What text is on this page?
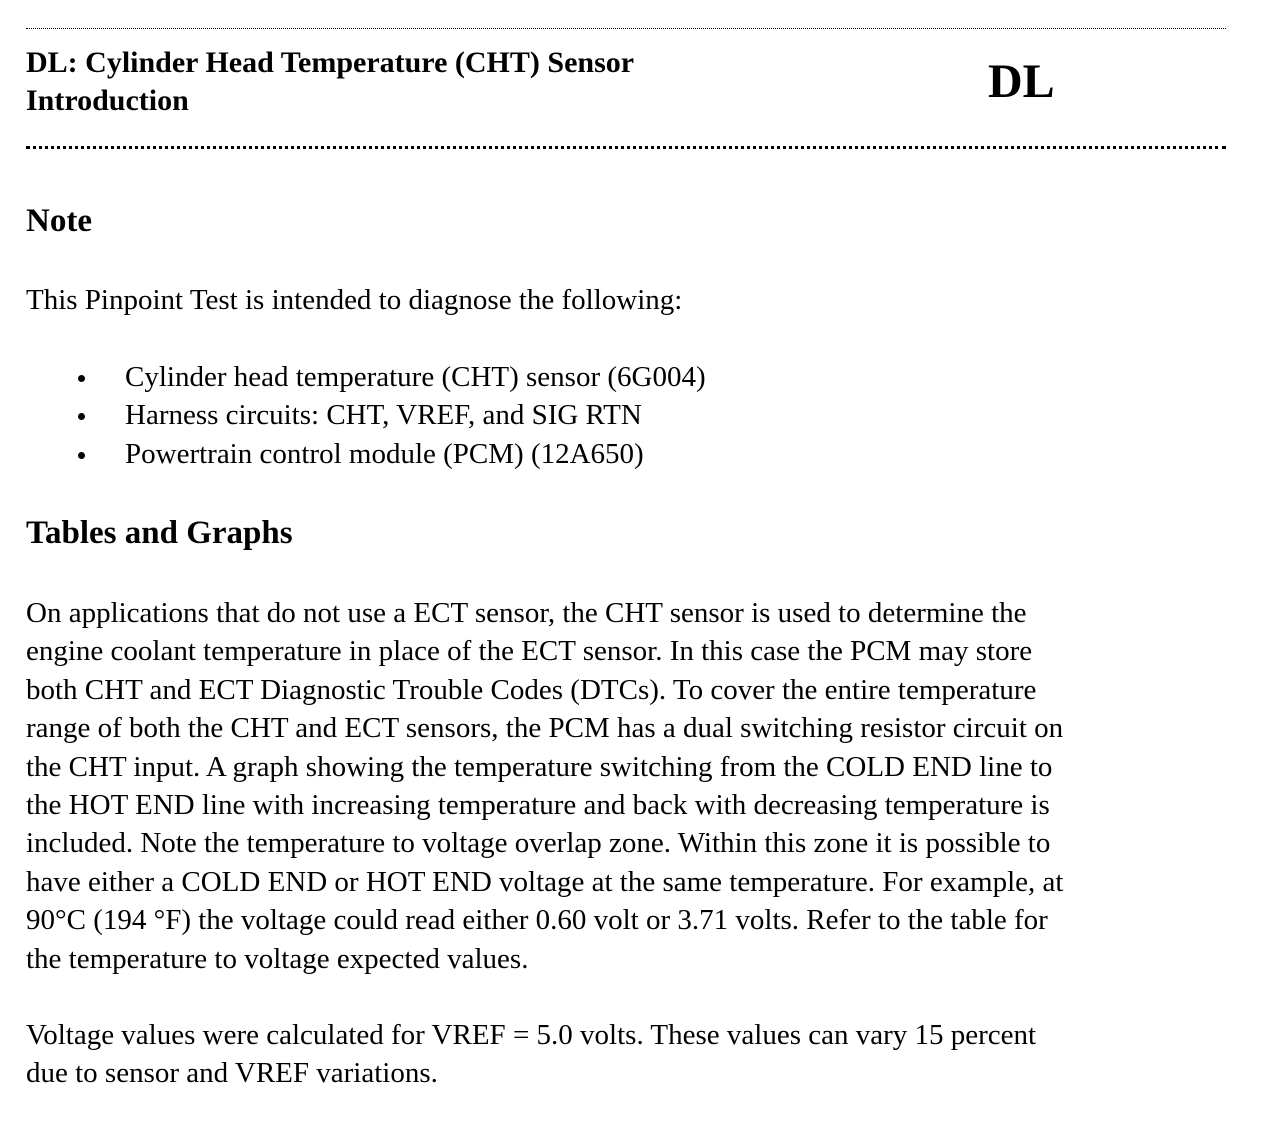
DL: Cylinder Head Temperature (CHT) Sensor
Introduction	DL
Note

This Pinpoint Test is intended to diagnose the following:

Cylinder head temperature (CHT) sensor (6G004)
Harness circuits: CHT, VREF, and SIG RTN
Powertrain control module (PCM) (12A650)
Tables and Graphs

On applications that do not use a ECT sensor, the CHT sensor is used to determine the
engine coolant temperature in place of the ECT sensor. In this case the PCM may store
both CHT and ECT Diagnostic Trouble Codes (DTCs). To cover the entire temperature
range of both the CHT and ECT sensors, the PCM has a dual switching resistor circuit on
the CHT input. A graph showing the temperature switching from the COLD END line to
the HOT END line with increasing temperature and back with decreasing temperature is
included. Note the temperature to voltage overlap zone. Within this zone it is possible to
have either a COLD END or HOT END voltage at the same temperature. For example, at
90°C (194 °F) the voltage could read either 0.60 volt or 3.71 volts. Refer to the table for
the temperature to voltage expected values.

Voltage values were calculated for VREF = 5.0 volts. These values can vary 15 percent
due to sensor and VREF variations.
